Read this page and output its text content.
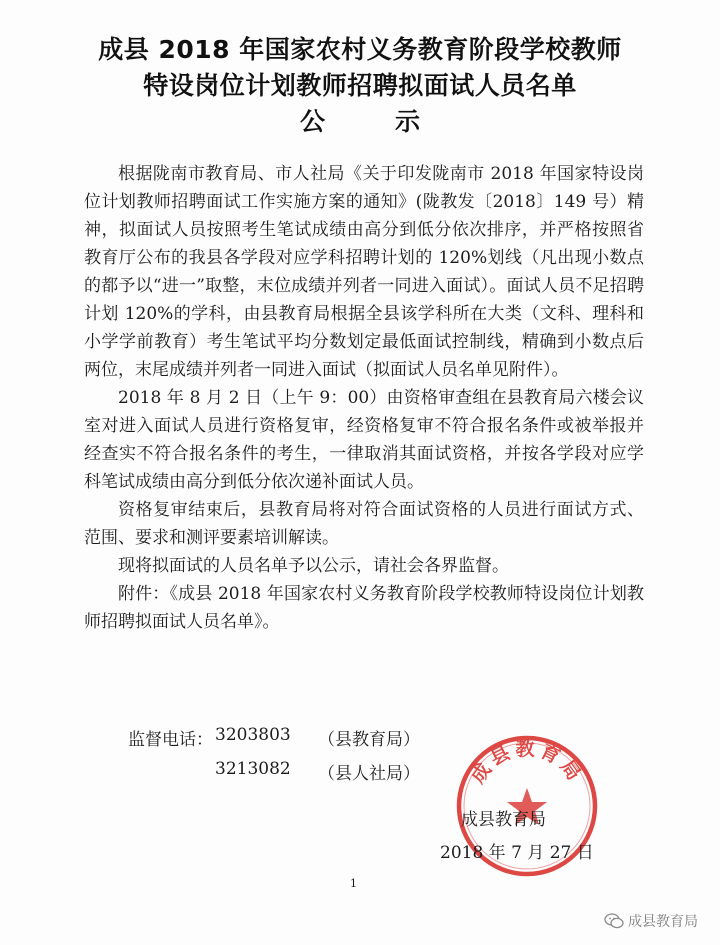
成县 2018 年国家农村义务教育阶段学校教师
特设岗位计划教师招聘拟面试人员名单
公示

根据陇南市教育局、市人社局《关于印发陇南市 2018 年国家特设岗位计划教师招聘面试工作实施方案的通知》(陇教发〔2018〕149 号）精神，拟面试人员按照考生笔试成绩由高分到低分依次排序，并严格按照省教育厅公布的我县各学段对应学科招聘计划的 120%划线（凡出现小数点的都予以“进一”取整，末位成绩并列者一同进入面试）。面试人员不足招聘计划 120%的学科，由县教育局根据全县该学科所在大类（文科、理科和小学学前教育）考生笔试平均分数划定最低面试控制线，精确到小数点后两位，末尾成绩并列者一同进入面试（拟面试人员名单见附件）。

2018 年 8 月 2 日（上午 9：00）由资格审查组在县教育局六楼会议室对进入面试人员进行资格复审，经资格复审不符合报名条件或被举报并经查实不符合报名条件的考生，一律取消其面试资格，并按各学段对应学科笔试成绩由高分到低分依次递补面试人员。

资格复审结束后，县教育局将对符合面试资格的人员进行面试方式、范围、要求和测评要素培训解读。

现将拟面试的人员名单予以公示，请社会各界监督。

附件：《成县 2018 年国家农村义务教育阶段学校教师特设岗位计划教师招聘拟面试人员名单》。

监督电话： 3203803 （县教育局）
3213082 （县人社局） 成县教育局
成县教育局
2018 年 7 月 27 日
1
成县教育局
